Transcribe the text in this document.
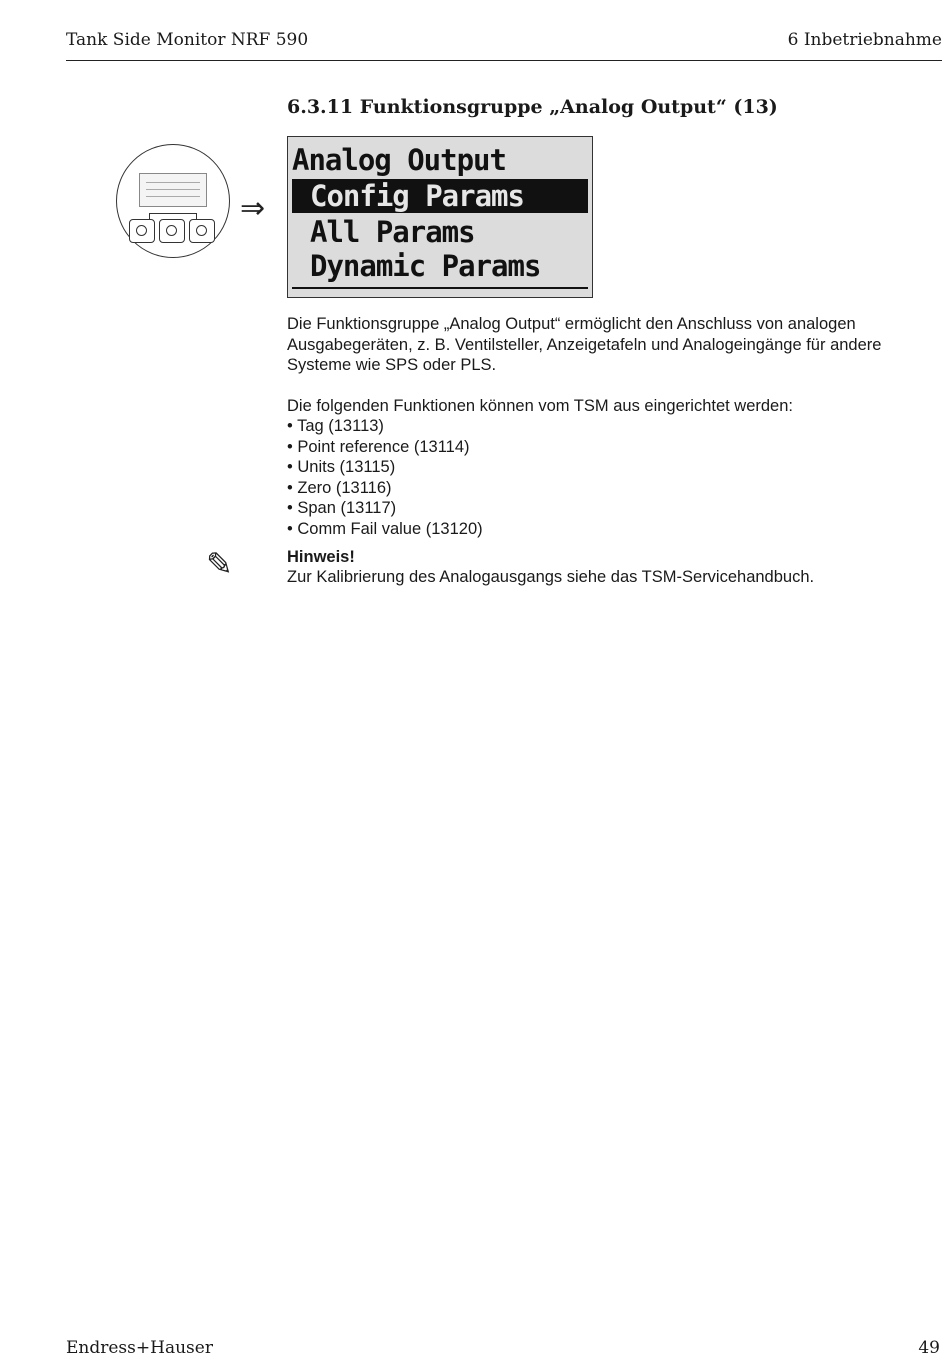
Tank Side Monitor NRF 590	6 Inbetriebnahme
6.3.11 Funktionsgruppe „Analog Output“ (13)
⇒
Analog Output
Config Params
All Params
Dynamic Params

Die Funktionsgruppe „Analog Output“ ermöglicht den Anschluss von analogen Ausgabegeräten, z. B. Ventilsteller, Anzeigetafeln und Analogeingänge für andere Systeme wie SPS oder PLS.

Die folgenden Funktionen können vom TSM aus eingerichtet werden:

• Tag (13113)
• Point reference (13114)
• Units (13115)
• Zero (13116)
• Span (13117)
• Comm Fail value (13120)
✎	Hinweis!

Zur Kalibrierung des Analogausgangs siehe das TSM-Servicehandbuch.

Endress+Hauser	49
